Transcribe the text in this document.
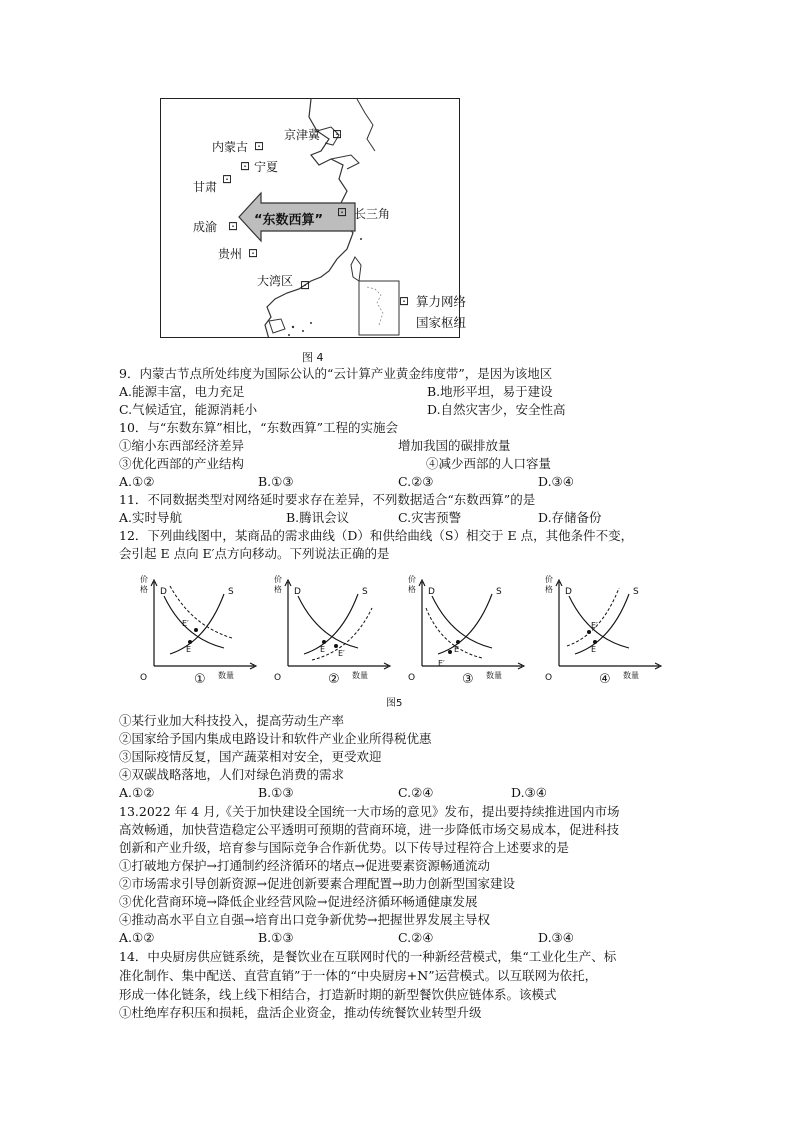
京津冀 ⊡
内蒙古 ⊡
⊡ 宁夏
甘肃
⊡
成渝 ⊡ “东数西算”
⊡ 长三角
贵州 ⊡
大湾区 ⊡
⊡ 算力网络
国家枢纽
图 4
9．内蒙古节点所处纬度为国际公认的“云计算产业黄金纬度带”，是因为该地区
A.能源丰富，电力充足	B.地形平坦，易于建设
C.气候适宜，能源消耗小	D.自然灾害少，安全性高
10．与“东数东算”相比，“东数西算”工程的实施会
①缩小东西部经济差异	增加我国的碳排放量
③优化西部的产业结构	④减少西部的人口容量
A.①②	B.①③	C.②③	D.③④
11．不同数据类型对网络延时要求存在差异，不列数据适合“东数西算”的是
A.实时导航	B.腾讯会议	C.灾害预警	D.存储备份
12．下列曲线图中，某商品的需求曲线（D）和供给曲线（S）相交于 E 点，其他条件不变，
会引起 E 点向 E′点方向移动。下列说法正确的是
价
格
数量
O
D	S
E
E′
①
价
格
数量
O
D	S
E E′
②
价
格
数量
O
D	S
E
E′
③
价
格
数量
O
D	S
E
E′
④
图5
①某行业加大科技投入，提高劳动生产率
②国家给予国内集成电路设计和软件产业企业所得税优惠
③国际疫情反复，国产蔬菜相对安全，更受欢迎
④双碳战略落地，人们对绿色消费的需求
A.①②	B.①③	C.②④	D.③④
13.2022 年 4 月,《关于加快建设全国统一大市场的意见》发布，提出要持续推进国内市场
高效畅通，加快营造稳定公平透明可预期的营商环境，进一步降低市场交易成本，促进科技
创新和产业升级，培育参与国际竞争合作新优势。以下传导过程符合上述要求的是
①打破地方保护→打通制约经济循环的堵点→促进要素资源畅通流动
②市场需求引导创新资源→促进创新要素合理配置→助力创新型国家建设
③优化营商环境→降低企业经营风险→促进经济循环畅通健康发展
④推动高水平自立自强→培育出口竞争新优势→把握世界发展主导权
A.①②	B.①③	C.②④	D.③④
14．中央厨房供应链系统，是餐饮业在互联网时代的一种新经营模式，集“工业化生产、标
准化制作、集中配送、直营直销”于一体的“中央厨房+N”运营模式。以互联网为依托，
形成一体化链条，线上线下相结合，打造新时期的新型餐饮供应链体系。该模式
①杜绝库存积压和损耗，盘活企业资金，推动传统餐饮业转型升级
